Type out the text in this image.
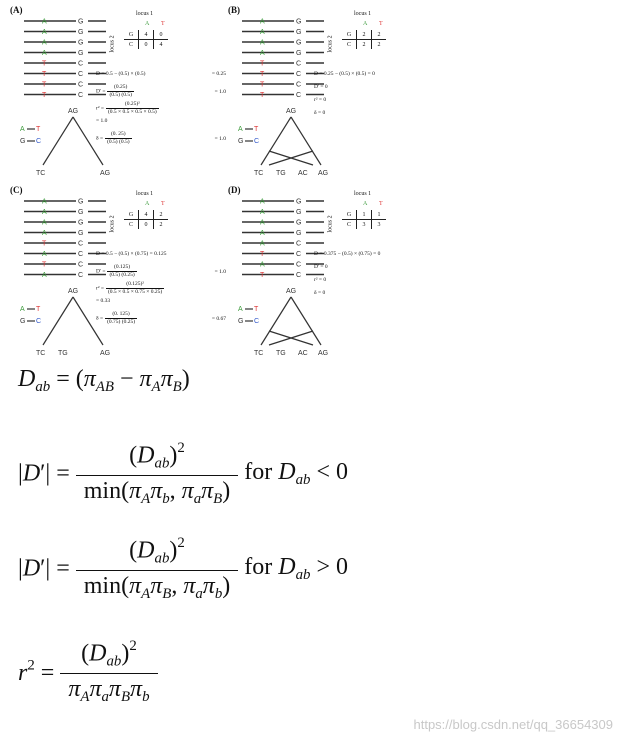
(A)
A	G
A	G
A	G
A	G
T	C
T	C
T	C
T	C
locus 1
locus 2
A T
G	4	0
C	0	4
D = 0.5 − (0.5) × (0.5)	= 0.25
$D' = \frac{(0.25)}{(0.5) (0.5)}$	= 1.0
$r^2 = \frac{\text{(0.25)²}}{(0.5 \times 0.5 \times 0.5 \times 0.5)}$
= 1.0
$\delta = \frac{(0. 25)}{(0.5) (0.5)}$	= 1.0
AG
A T
G C
TC	AG
(B)
A	G
A	G
A	G
A	G
T	C
T	C
T	C
T	C
locus 1
locus 2
A T
G	2	2
C	2	2
D = 0.25 − (0.5) × (0.5) = 0
D' = 0
r² = 0
δ = 0
AG
A T
G C
TC TG AC AG
(C)
A	G
A	G
A	G
A	G
T	C
A	C
T	C
A	C
locus 1
locus 2
A T
G	4	2
C	0	2
D = 0.5 − (0.5) × (0.75) = 0.125
$D' = \frac{(0.125)}{(0.5) (0.25)}$	= 1.0
$r^2 = \frac{\text{(0.125)²}}{(0.5 \times 0.5 \times 0.75 \times 0.25)}$
= 0.33
$\delta = \frac{(0. 125)}{(0.75) (0.25)}$	= 0.67
AG
A T
G C
TC TG	AG
(D)
A	G
A	G
A	G
A	G
A	C
T	C
A	C
T	C
locus 1
locus 2
A T
G	1	1
C	3	3
D = 0.375 − (0.5) × (0.75) = 0
D' = 0
r² = 0
δ = 0
AG
A T
G C
TC TG AC AG
$D_{ab} = (\pi_{AB} - \pi_A\pi_B)$
|D′| =
$(D_{ab})^2$
$\min(\pi_A\pi_b$, $\pi_a\pi_B$)
for $D_{ab} < 0$
|D′| =
$(D_{ab})^2$
$\min(\pi_A\pi_B$, $\pi_a\pi_b$)
for $D_{ab} > 0$
$r^2$ =
$(D_{ab})^2$
$\pi_A\pi_a\pi_B\pi_b$
https://blog.csdn.net/qq_36654309
